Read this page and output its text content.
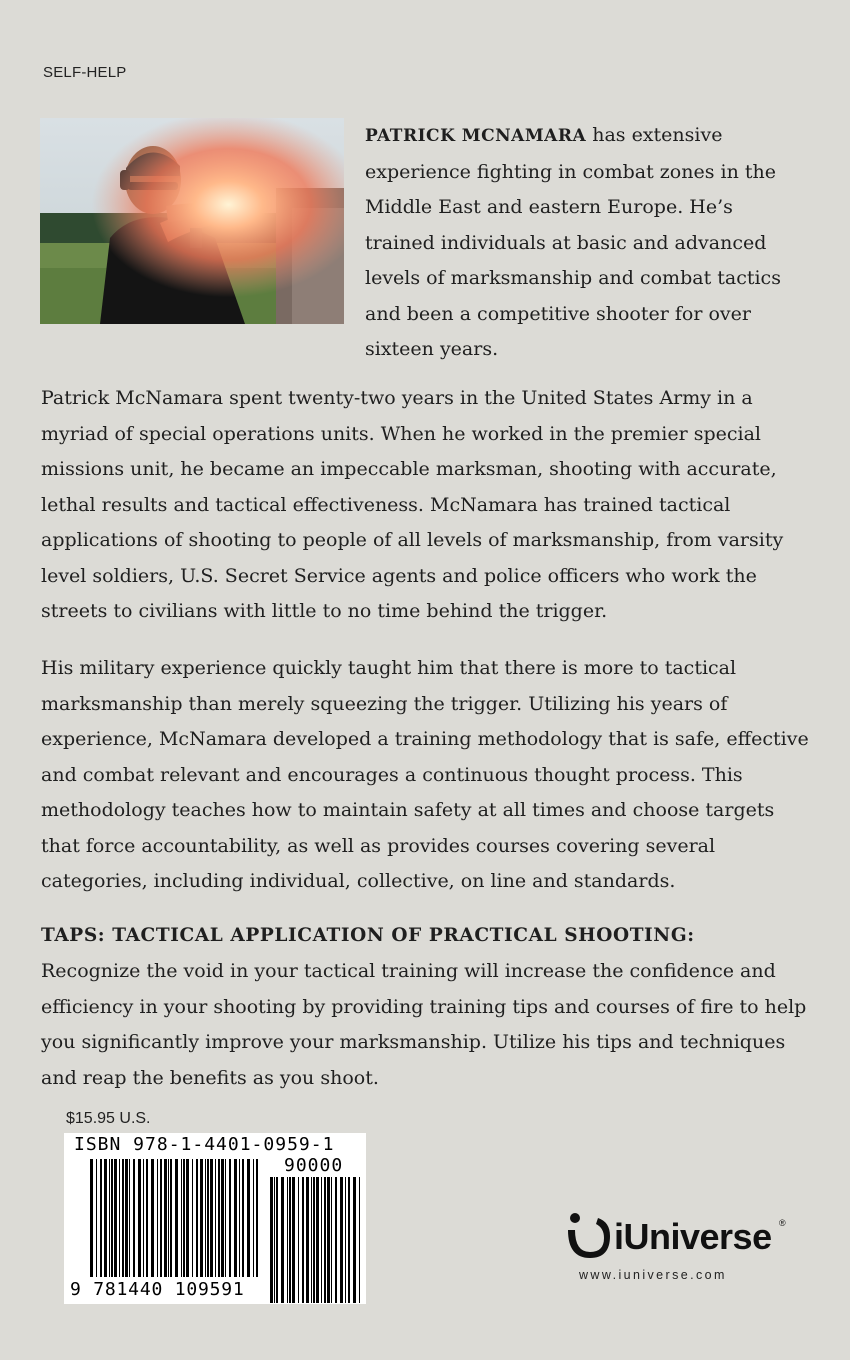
SELF-HELP
PATRICK MCNAMARA has extensive experience fighting in combat zones in the Middle East and eastern Europe. He’s trained individuals at basic and advanced levels of marksmanship and combat tactics and been a competitive shooter for over sixteen years.
Patrick McNamara spent twenty-two years in the United States Army in a myriad of special operations units. When he worked in the premier special missions unit, he became an impeccable marksman, shooting with accurate, lethal results and tactical effectiveness. McNamara has trained tactical applications of shooting to people of all levels of marksmanship, from varsity level soldiers, U.S. Secret Service agents and police officers who work the streets to civilians with little to no time behind the trigger.
His military experience quickly taught him that there is more to tactical marksmanship than merely squeezing the trigger. Utilizing his years of experience, McNamara developed a training methodology that is safe, effective and combat relevant and encourages a continuous thought process. This methodology teaches how to maintain safety at all times and choose targets that force accountability, as well as provides courses covering several categories, including individual, collective, on line and standards.
TAPS: TACTICAL APPLICATION OF PRACTICAL SHOOTING:
Recognize the void in your tactical training will increase the confidence and efficiency in your shooting by providing training tips and courses of fire to help you significantly improve your marksmanship. Utilize his tips and techniques and reap the benefits as you shoot.
$15.95 U.S.
ISBN 978-1-4401-0959-1
90000
9 781440 109591
iUniverse ®
www.iuniverse.com
